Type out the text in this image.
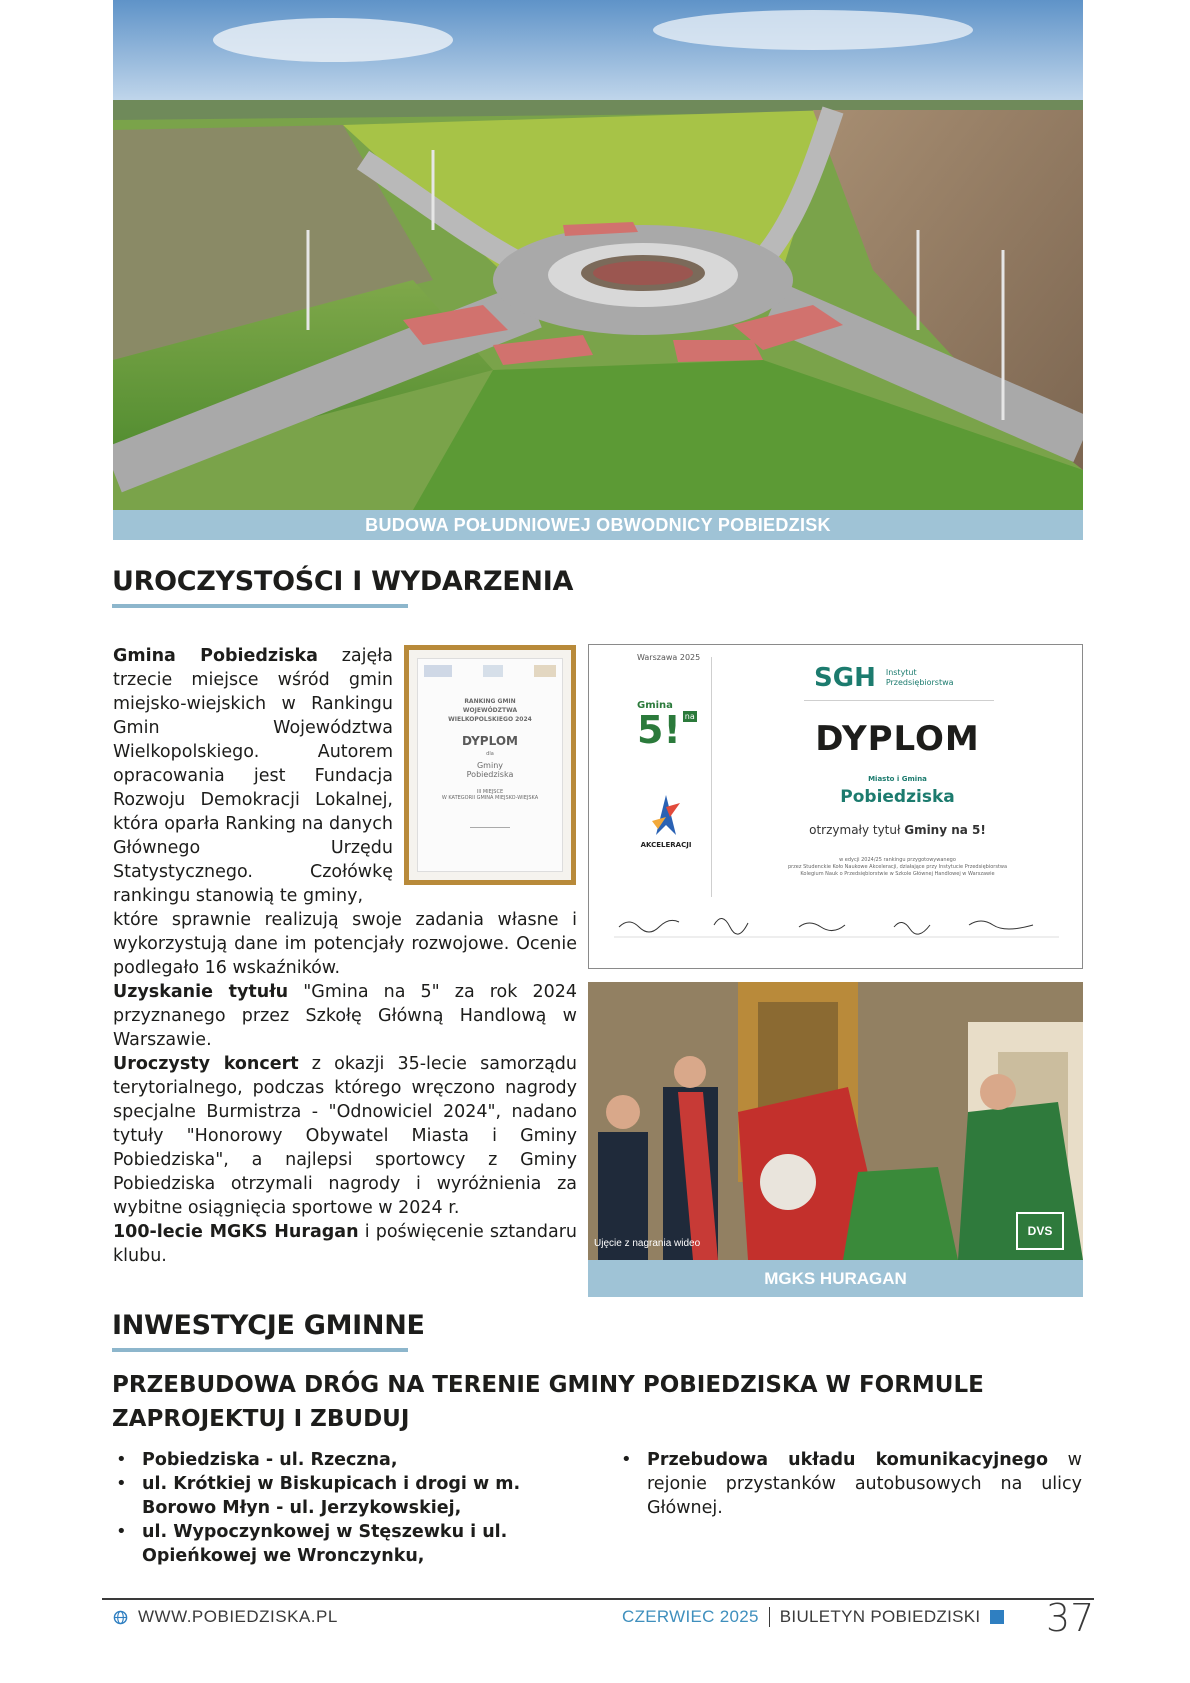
BUDOWA POŁUDNIOWEJ OBWODNICY POBIEDZISK
UROCZYSTOŚCI I WYDARZENIA

Gmina Pobiedziska zajęła trzecie miejsce wśród gmin miejsko-wiejskich w Rankingu Gmin Województwa Wielkopolskiego. Autorem opracowania jest Fundacja Rozwoju Demokracji Lokalnej, która oparła Ranking na danych Głównego Urzędu Statystycznego. Czołówkę rankingu stanowią te gminy,

które sprawnie realizują swoje zadania własne i wykorzystują dane im potencjały rozwojowe. Ocenie podlegało 16 wskaźników.

Uzyskanie tytułu "Gmina na 5" za rok 2024 przyznanego przez Szkołę Główną Handlową w Warszawie.

Uroczysty koncert z okazji 35-lecie samorządu terytorialnego, podczas którego wręczono nagrody specjalne Burmistrza - "Odnowiciel 2024", nadano tytuły "Honorowy Obywatel Miasta i Gminy Pobiedziska", a najlepsi sportowcy z Gminy Pobiedziska otrzymali nagrody i wyróżnienia za wybitne osiągnięcia sportowe w 2024 r.

100-lecie MGKS Huragan i poświęcenie sztandaru klubu.

RANKING GMIN
WOJEWÓDZTWA
WIELKOPOLSKIEGO 2024
DYPLOM
dla
Gminy
Pobiedziska
III MIEJSCE
W KATEGORII GMINA MIEJSKO-WIEJSKA
Warszawa 2025
Gmina
5! na
AKCELERACJI
SGH Instytut
Przedsiębiorstwa
DYPLOM
Miasto i Gmina
Pobiedziska
otrzymały tytuł Gminy na 5!
w edycji 2024/25 rankingu przygotowywanego
przez Studenckie Koło Naukowe Akceleracji, działające przy Instytucie Przedsiębiorstwa
Kolegium Nauk o Przedsiębiorstwie w Szkole Głównej Handlowej w Warszawie
Ujęcie z nagrania wideo
DVS
MGKS HURAGAN
INWESTYCJE GMINNE
PRZEBUDOWA DRÓG NA TERENIE GMINY POBIEDZISKA W FORMULE
ZAPROJEKTUJ I ZBUDUJ
• Pobiedziska - ul. Rzeczna,
• ul. Krótkiej w Biskupicach i drogi w m. Borowo Młyn - ul. Jerzykowskiej,
• ul. Wypoczynkowej w Stęszewku i ul. Opieńkowej we Wronczynku,
• Przebudowa układu komunikacyjnego w rejonie przystanków autobusowych na ulicy Głównej.
WWW.POBIEDZISKA.PL	CZERWIEC 2025 BIULETYN POBIEDZISKI 37
